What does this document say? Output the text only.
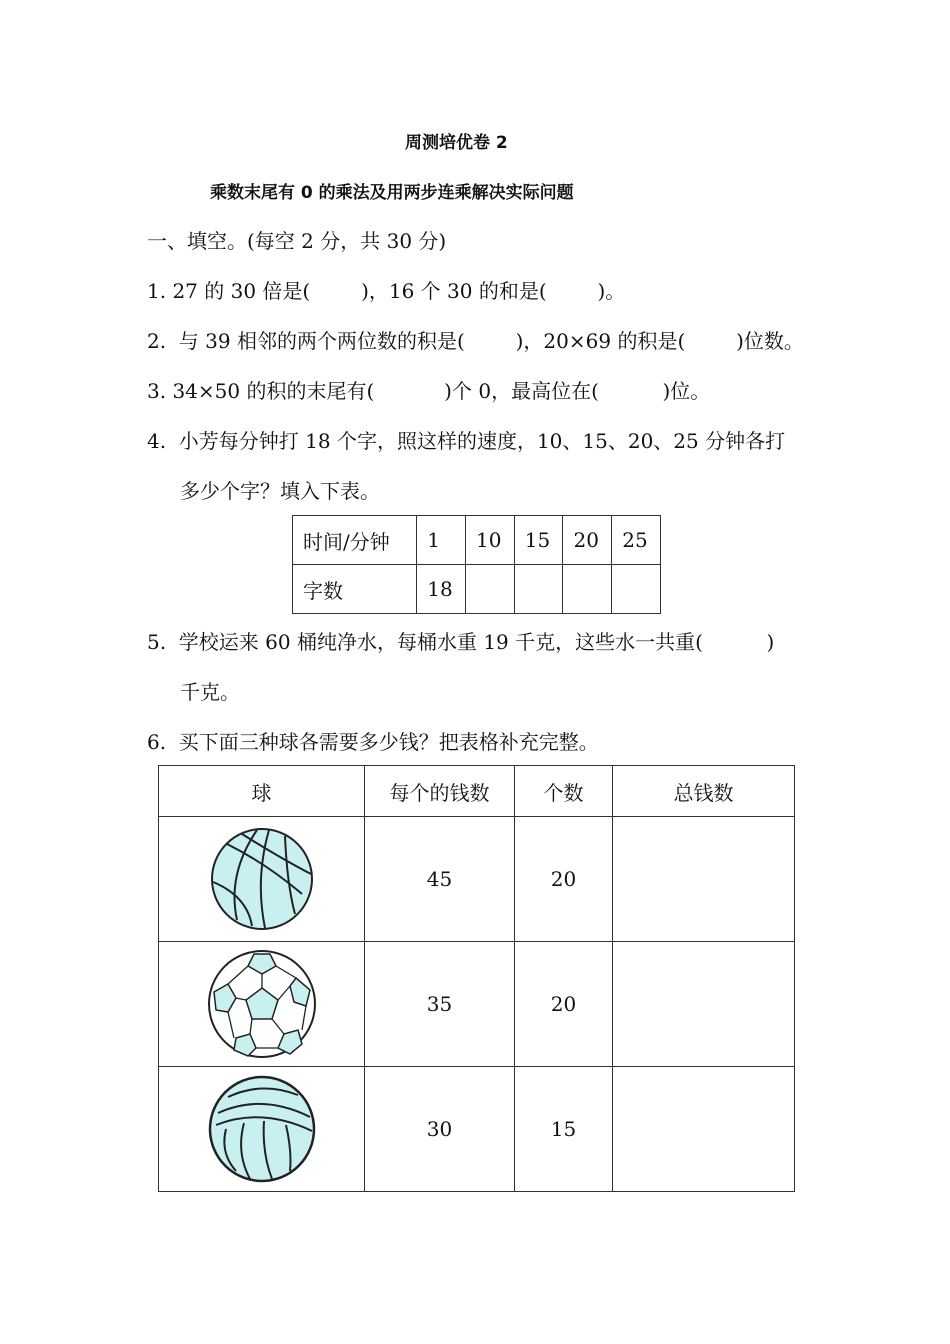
周测培优卷 2
乘数末尾有 0 的乘法及用两步连乘解决实际问题
一、填空。(每空 2 分，共 30 分)
1. 27 的 30 倍是(        )，16 个 30 的和是(        )。
2.  与 39 相邻的两个两位数的积是(        )，20×69 的积是(        )位数。
3. 34×50 的积的末尾有(           )个 0，最高位在(          )位。
4.  小芳每分钟打 18 个字，照这样的速度，10、15、20、25 分钟各打
多少个字？填入下表。
时间/分钟	1	10	15	20	25
字数	18				
5.  学校运来 60 桶纯净水，每桶水重 19 千克，这些水一共重(          )
千克。
6.  买下面三种球各需要多少钱？把表格补充完整。
球	每个的钱数	个数	总钱数

	45	20	

	35	20	

	30	15	
